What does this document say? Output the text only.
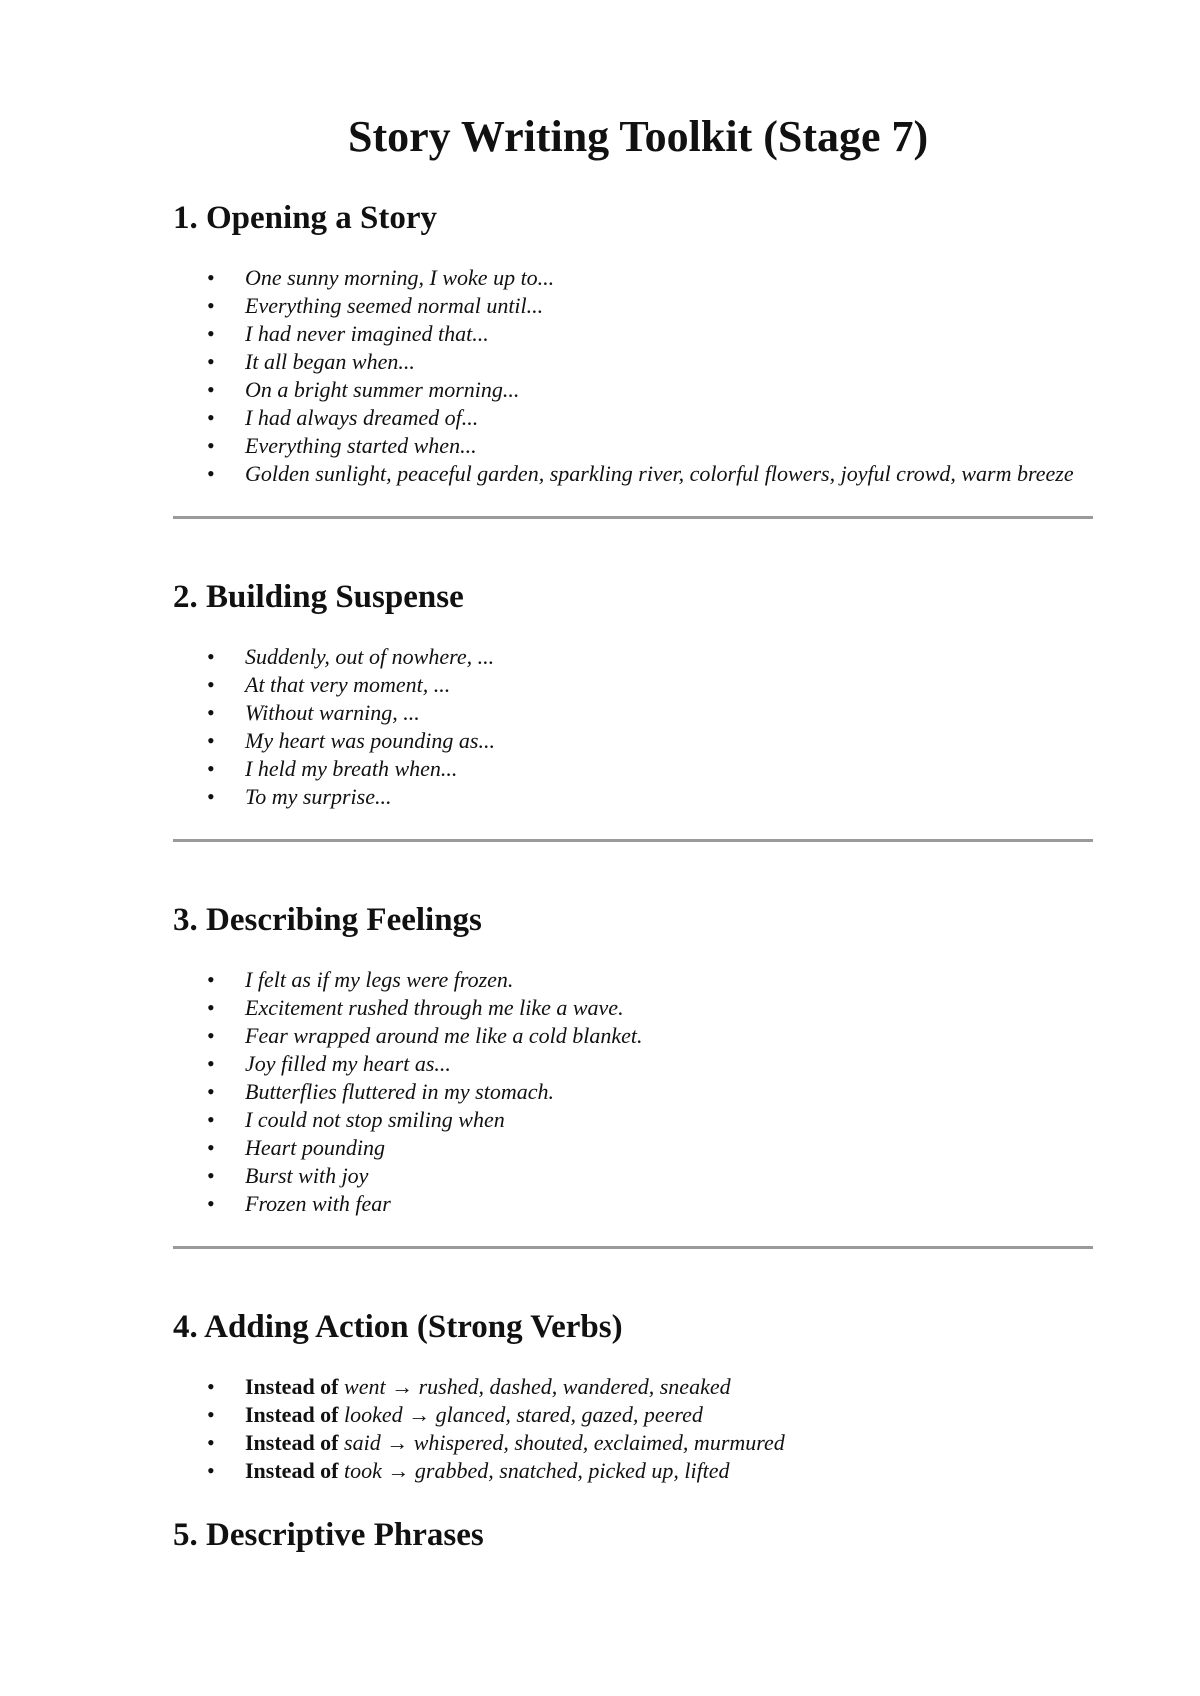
Story Writing Toolkit (Stage 7)
1. Opening a Story
• One sunny morning, I woke up to...
• Everything seemed normal until...
• I had never imagined that...
• It all began when...
• On a bright summer morning...
• I had always dreamed of...
• Everything started when...
• Golden sunlight, peaceful garden, sparkling river, colorful flowers, joyful crowd, warm breeze
2. Building Suspense
• Suddenly, out of nowhere, ...
• At that very moment, ...
• Without warning, ...
• My heart was pounding as...
• I held my breath when...
• To my surprise...
3. Describing Feelings
• I felt as if my legs were frozen.
• Excitement rushed through me like a wave.
• Fear wrapped around me like a cold blanket.
• Joy filled my heart as...
• Butterflies fluttered in my stomach.
• I could not stop smiling when
• Heart pounding
• Burst with joy
• Frozen with fear
4. Adding Action (Strong Verbs)
• Instead of went → rushed, dashed, wandered, sneaked
• Instead of looked → glanced, stared, gazed, peered
• Instead of said → whispered, shouted, exclaimed, murmured
• Instead of took → grabbed, snatched, picked up, lifted
5. Descriptive Phrases
